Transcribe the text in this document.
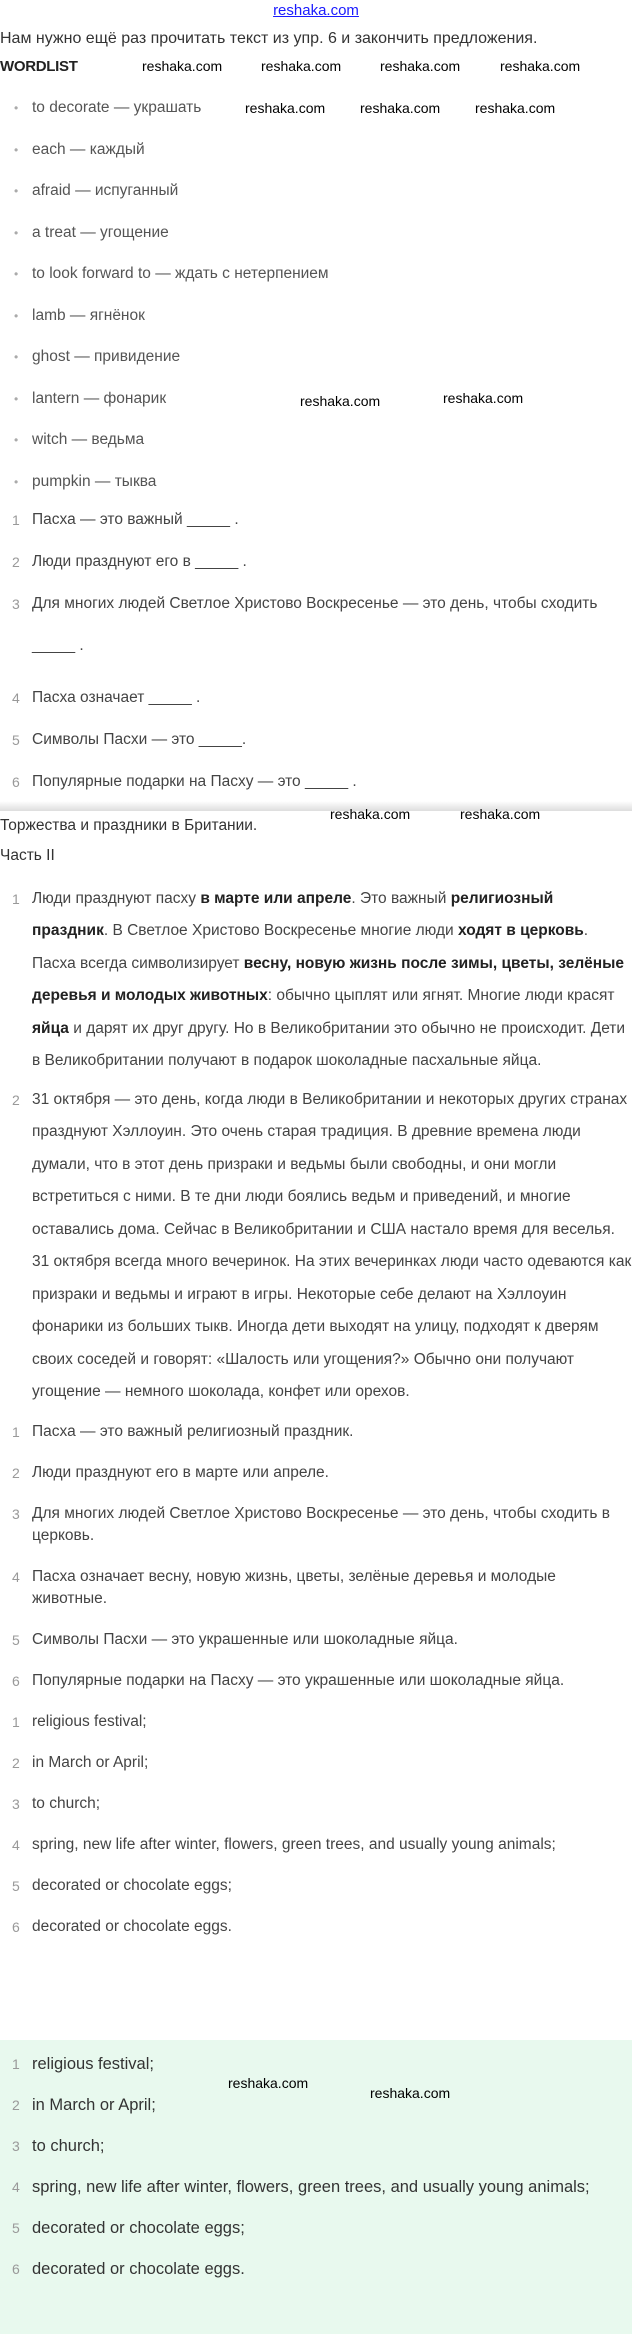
reshaka.com
Нам нужно ещё раз прочитать текст из упр. 6 и закончить предложения.
WORDLIST
• to decorate — украшать
• each — каждый
• afraid — испуганный
• a treat — угощение
• to look forward to — ждать с нетерпением
• lamb — ягнёнок
• ghost — привидение
• lantern — фонарик
• witch — ведьма
• pumpkin — тыква
1 Пасха — это важный _____ .
2 Люди празднуют его в _____ .
3 Для многих людей Светлое Христово Воскресенье — это день, чтобы сходить _____ .
4 Пасха означает _____ .
5 Символы Пасхи — это _____.
6 Популярные подарки на Пасху — это _____ .
Торжества и праздники в Британии.
Часть II
1 Люди празднуют пасху в марте или апреле. Это важный религиозный праздник. В Светлое Христово Воскресенье многие люди ходят в церковь. Пасха всегда символизирует весну, новую жизнь после зимы, цветы, зелёные деревья и молодых животных: обычно цыплят или ягнят. Многие люди красят яйца и дарят их друг другу. Но в Великобритании это обычно не происходит. Дети в Великобритании получают в подарок шоколадные пасхальные яйца.
2 31 октября — это день, когда люди в Великобритании и некоторых других странах празднуют Хэллоуин. Это очень старая традиция. В древние времена люди думали, что в этот день призраки и ведьмы были свободны, и они могли встретиться с ними. В те дни люди боялись ведьм и приведений, и многие оставались дома. Сейчас в Великобритании и США настало время для веселья. 31 октября всегда много вечеринок. На этих вечеринках люди часто одеваются как призраки и ведьмы и играют в игры. Некоторые себе делают на Хэллоуин фонарики из больших тыкв. Иногда дети выходят на улицу, подходят к дверям своих соседей и говорят: «Шалость или угощения?» Обычно они получают угощение — немного шоколада, конфет или орехов.
1 Пасха — это важный религиозный праздник.
2 Люди празднуют его в марте или апреле.
3 Для многих людей Светлое Христово Воскресенье — это день, чтобы сходить в церковь.
4 Пасха означает весну, новую жизнь, цветы, зелёные деревья и молодые животные.
5 Символы Пасхи — это украшенные или шоколадные яйца.
6 Популярные подарки на Пасху — это украшенные или шоколадные яйца.
1 religious festival;
2 in March or April;
3 to church;
4 spring, new life after winter, flowers, green trees, and usually young animals;
5 decorated or chocolate eggs;
6 decorated or chocolate eggs.
1 religious festival;
2 in March or April;
3 to church;
4 spring, new life after winter, flowers, green trees, and usually young animals;
5 decorated or chocolate eggs;
6 decorated or chocolate eggs.
reshaka.com	reshaka.com	reshaka.com	reshaka.com
reshaka.com reshaka.com reshaka.com
reshaka.com	reshaka.com
reshaka.com	reshaka.com
reshaka.com
reshaka.com
